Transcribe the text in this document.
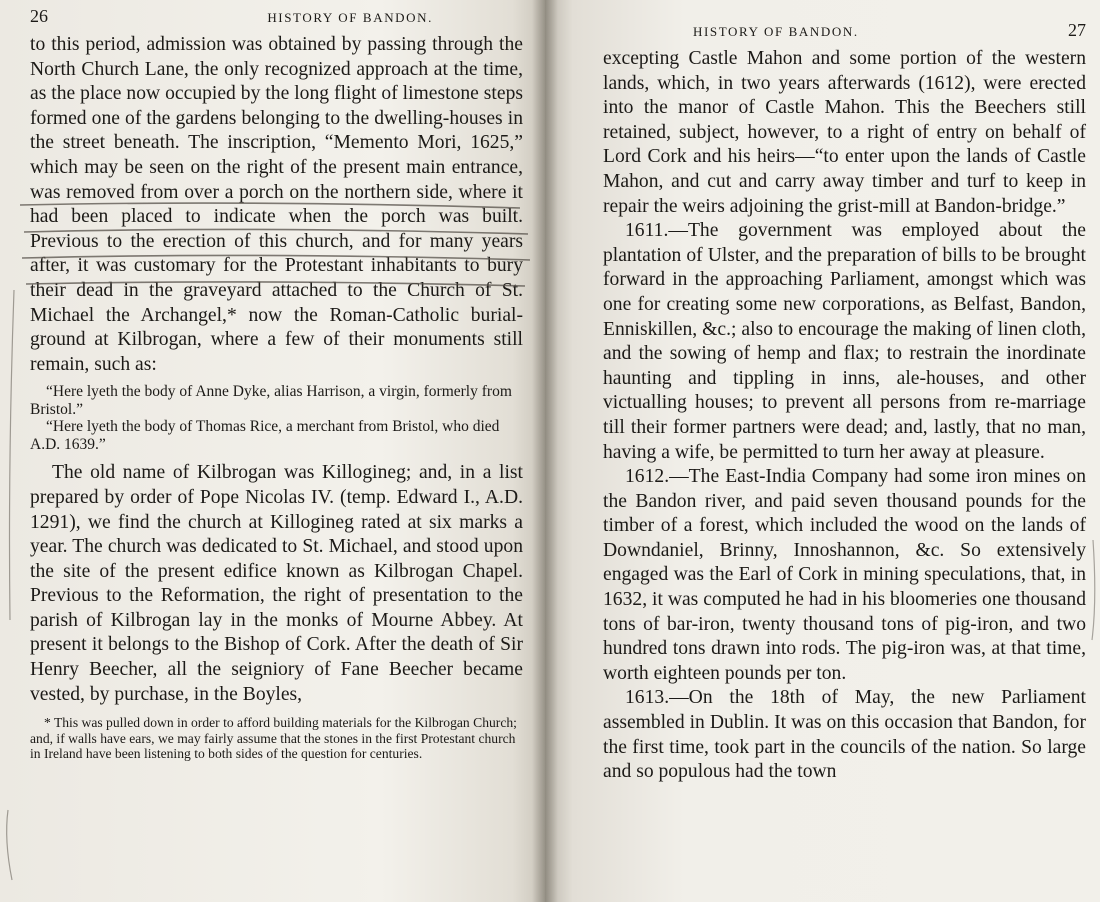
26	HISTORY OF BANDON.

to this period, admission was obtained by passing through the North Church Lane, the only recognized approach at the time, as the place now occupied by the long flight of limestone steps formed one of the gardens belonging to the dwelling-houses in the street beneath. The inscription, “Memento Mori, 1625,” which may be seen on the right of the present main entrance, was removed from over a porch on the northern side, where it had been placed to indicate when the porch was built. Previous to the erection of this church, and for many years after, it was customary for the Protestant inhabitants to bury their dead in the graveyard attached to the Church of St. Michael the Archangel,* now the Roman-Catholic burial-ground at Kilbrogan, where a few of their monuments still remain, such as:

“Here lyeth the body of Anne Dyke, alias Harrison, a virgin, formerly from Bristol.”

“Here lyeth the body of Thomas Rice, a merchant from Bristol, who died A.D. 1639.”

The old name of Kilbrogan was Killogineg; and, in a list prepared by order of Pope Nicolas IV. (temp. Edward I., A.D. 1291), we find the church at Killogineg rated at six marks a year. The church was dedicated to St. Michael, and stood upon the site of the present edifice known as Kilbrogan Chapel. Previous to the Reformation, the right of presentation to the parish of Kilbrogan lay in the monks of Mourne Abbey. At present it belongs to the Bishop of Cork. After the death of Sir Henry Beecher, all the seigniory of Fane Beecher became vested, by purchase, in the Boyles,

* This was pulled down in order to afford building materials for the Kilbrogan Church; and, if walls have ears, we may fairly assume that the stones in the first Protestant church in Ireland have been listening to both sides of the question for centuries.

HISTORY OF BANDON.	27

excepting Castle Mahon and some portion of the western lands, which, in two years afterwards (1612), were erected into the manor of Castle Mahon. This the Beechers still retained, subject, however, to a right of entry on behalf of Lord Cork and his heirs—“to enter upon the lands of Castle Mahon, and cut and carry away timber and turf to keep in repair the weirs adjoining the grist-mill at Bandon-bridge.”

1611.—The government was employed about the plantation of Ulster, and the preparation of bills to be brought forward in the approaching Parliament, amongst which was one for creating some new corporations, as Belfast, Bandon, Enniskillen, &c.; also to encourage the making of linen cloth, and the sowing of hemp and flax; to restrain the inordinate haunting and tippling in inns, ale-houses, and other victualling houses; to prevent all persons from re-marriage till their former partners were dead; and, lastly, that no man, having a wife, be permitted to turn her away at pleasure.

1612.—The East-India Company had some iron mines on the Bandon river, and paid seven thousand pounds for the timber of a forest, which included the wood on the lands of Downdaniel, Brinny, Innoshannon, &c. So extensively engaged was the Earl of Cork in mining speculations, that, in 1632, it was computed he had in his bloomeries one thousand tons of bar-iron, twenty thousand tons of pig-iron, and two hundred tons drawn into rods. The pig-iron was, at that time, worth eighteen pounds per ton.

1613.—On the 18th of May, the new Parliament assembled in Dublin. It was on this occasion that Bandon, for the first time, took part in the councils of the nation. So large and so populous had the town
